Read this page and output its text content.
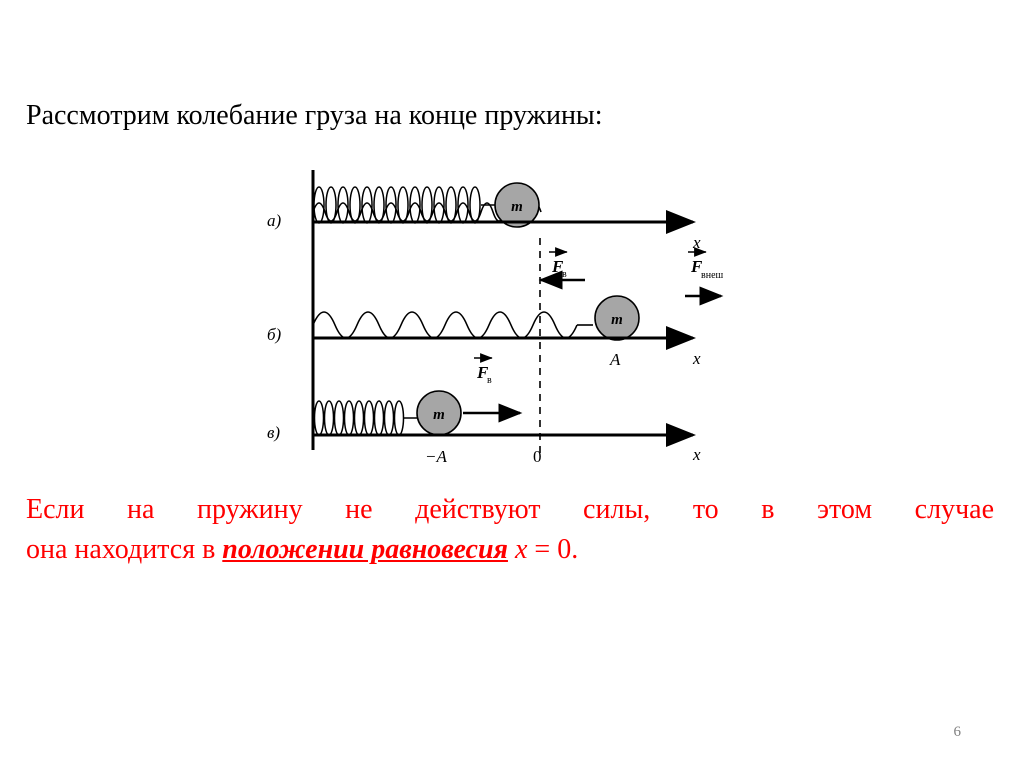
Рассмотрим колебание груза на конце пружины:
а)
m
x
б)
m
F
в	F
внеш
x
A
в)
m
F
в
x
−A	0
Если на пружину не действуют силы, то в этом случае
она находится в положении равновесия x = 0.
6
